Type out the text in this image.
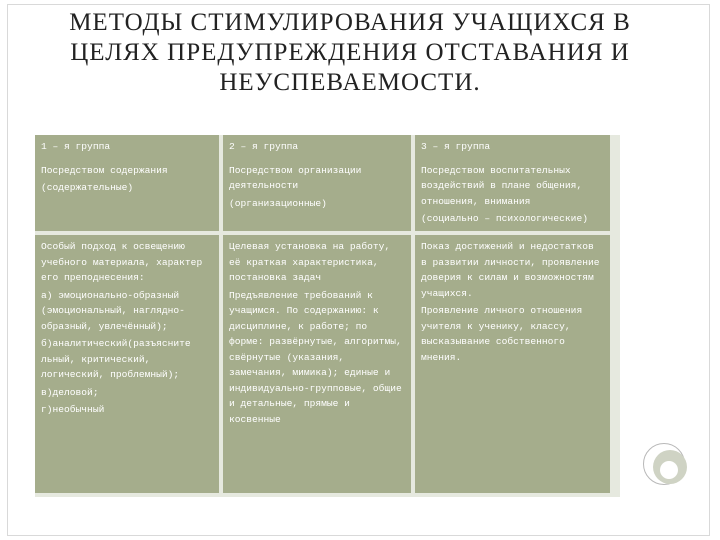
МЕТОДЫ СТИМУЛИРОВАНИЯ УЧАЩИХСЯ В ЦЕЛЯХ ПРЕДУПРЕЖДЕНИЯ ОТСТАВАНИЯ И НЕУСПЕВАЕМОСТИ.

1 – я группа

Посредством содержания

(содержательные)

2 – я группа

Посредством организации деятельности

(организационные)

3 – я группа

Посредством воспитательных воздействий в плане общения, отношения, внимания

(социально – психологические)

Особый подход к освещению учебного материала, характер его преподнесения:

а) эмоционально-образный (эмоциональный, наглядно-образный, увлечённый);

б)аналитический(разъясните льный, критический, логический, проблемный);

в)деловой;

г)необычный

Целевая установка на работу, её краткая характеристика, постановка задач

Предъявление требований к учащимся. По содержанию: к дисциплине, к работе; по форме: развёрнутые, алгоритмы, свёрнутые (указания, замечания, мимика); единые и индивидуально-групповые, общие и детальные, прямые и косвенные

Показ достижений и недостатков в развитии личности, проявление доверия к силам и возможностям учащихся.

Проявление личного отношения учителя к ученику, классу, высказывание собственного мнения.
